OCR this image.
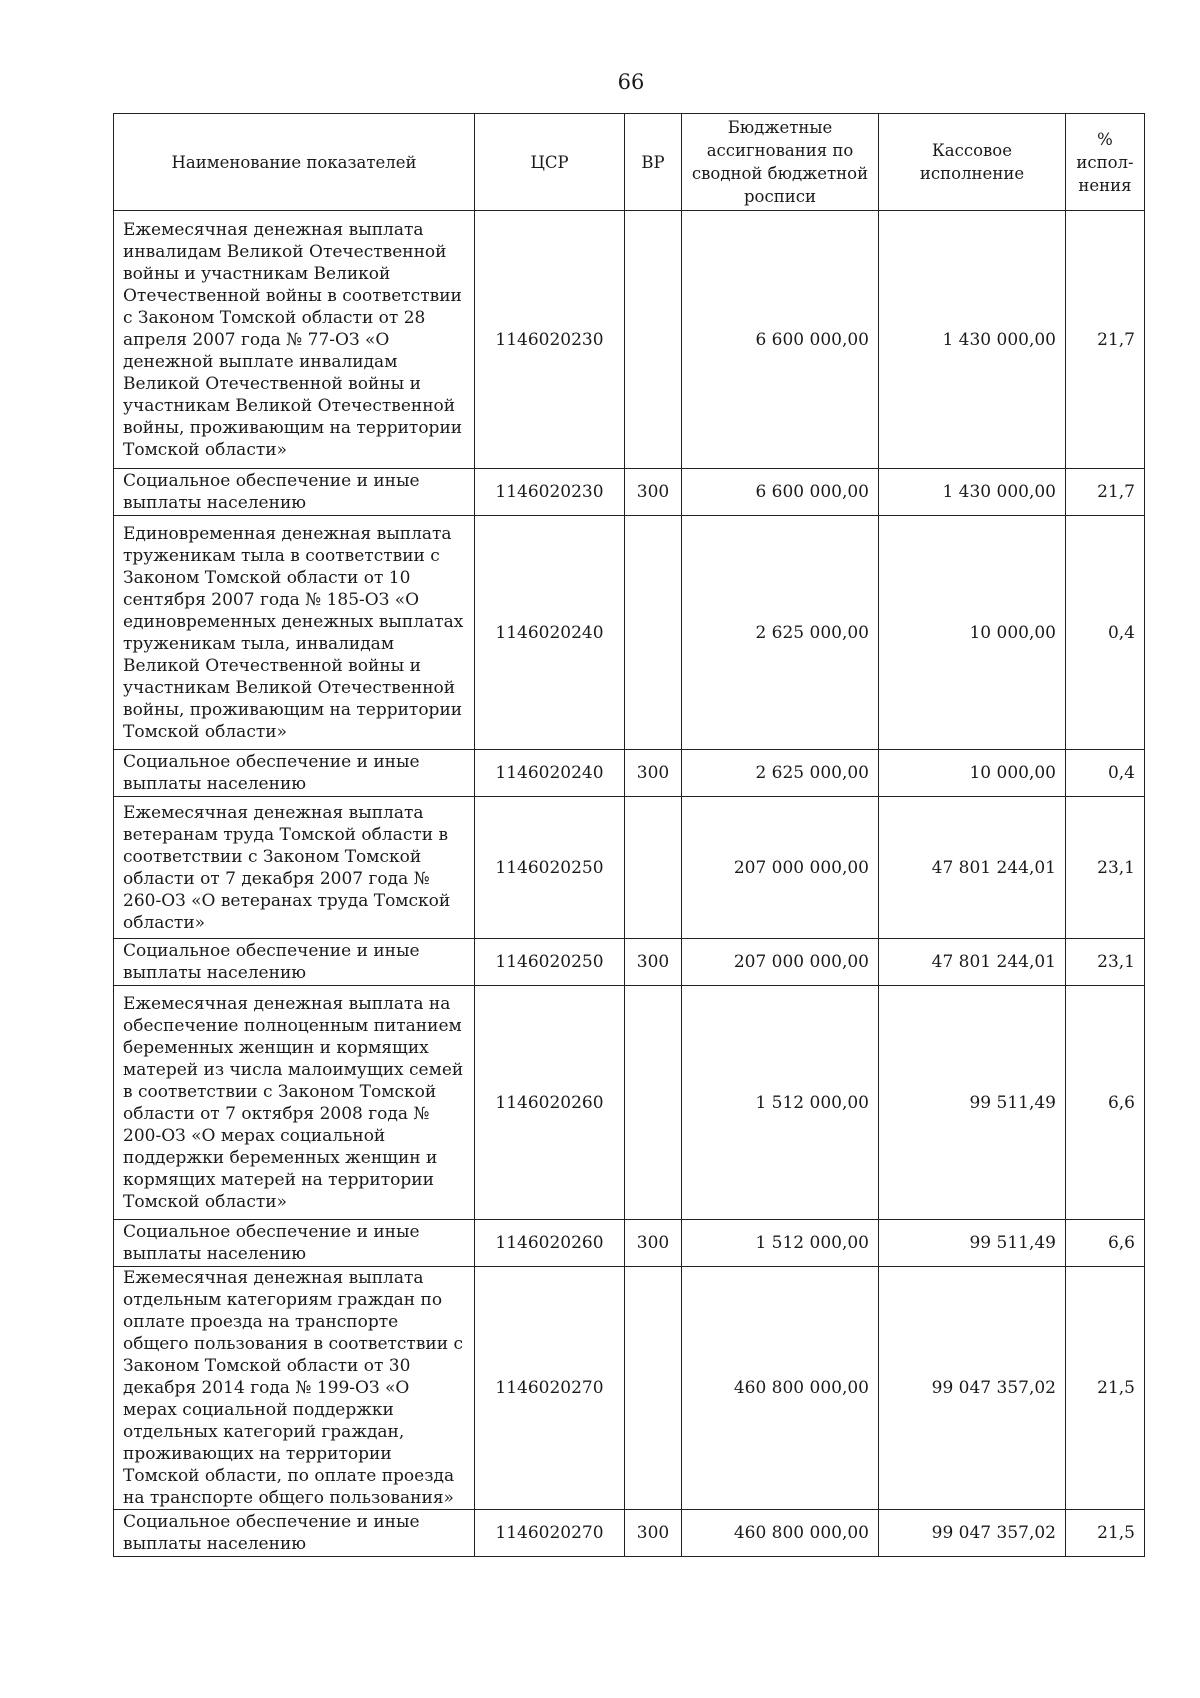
66
Наименование показателей	ЦСР	ВР	Бюджетные ассигнования по сводной бюджетной росписи	Кассовое исполнение	% испол-нения
Ежемесячная денежная выплата инвалидам Великой Отечественной войны и участникам Великой Отечественной войны в соответствии с Законом Томской области от 28 апреля 2007 года № 77-ОЗ «О денежной выплате инвалидам Великой Отечественной войны и участникам Великой Отечественной войны, проживающим на территории Томской области»	1146020230		6 600 000,00	1 430 000,00	21,7
Социальное обеспечение и иные выплаты населению	1146020230	300	6 600 000,00	1 430 000,00	21,7
Единовременная денежная выплата труженикам тыла в соответствии с Законом Томской области от 10 сентября 2007 года № 185-ОЗ «О единовременных денежных выплатах труженикам тыла, инвалидам Великой Отечественной войны и участникам Великой Отечественной войны, проживающим на территории Томской области»	1146020240		2 625 000,00	10 000,00	0,4
Социальное обеспечение и иные выплаты населению	1146020240	300	2 625 000,00	10 000,00	0,4
Ежемесячная денежная выплата ветеранам труда Томской области в соответствии с Законом Томской области от 7 декабря 2007 года № 260-ОЗ «О ветеранах труда Томской области»	1146020250		207 000 000,00	47 801 244,01	23,1
Социальное обеспечение и иные выплаты населению	1146020250	300	207 000 000,00	47 801 244,01	23,1
Ежемесячная денежная выплата на обеспечение полноценным питанием беременных женщин и кормящих матерей из числа малоимущих семей в соответствии с Законом Томской области от 7 октября 2008 года № 200-ОЗ «О мерах социальной поддержки беременных женщин и кормящих матерей на территории Томской области»	1146020260		1 512 000,00	99 511,49	6,6
Социальное обеспечение и иные выплаты населению	1146020260	300	1 512 000,00	99 511,49	6,6
Ежемесячная денежная выплата отдельным категориям граждан по оплате проезда на транспорте общего пользования в соответствии с Законом Томской области от 30 декабря 2014 года № 199-ОЗ «О мерах социальной поддержки отдельных категорий граждан, проживающих на территории Томской области, по оплате проезда на транспорте общего пользования»	1146020270		460 800 000,00	99 047 357,02	21,5
Социальное обеспечение и иные выплаты населению	1146020270	300	460 800 000,00	99 047 357,02	21,5
